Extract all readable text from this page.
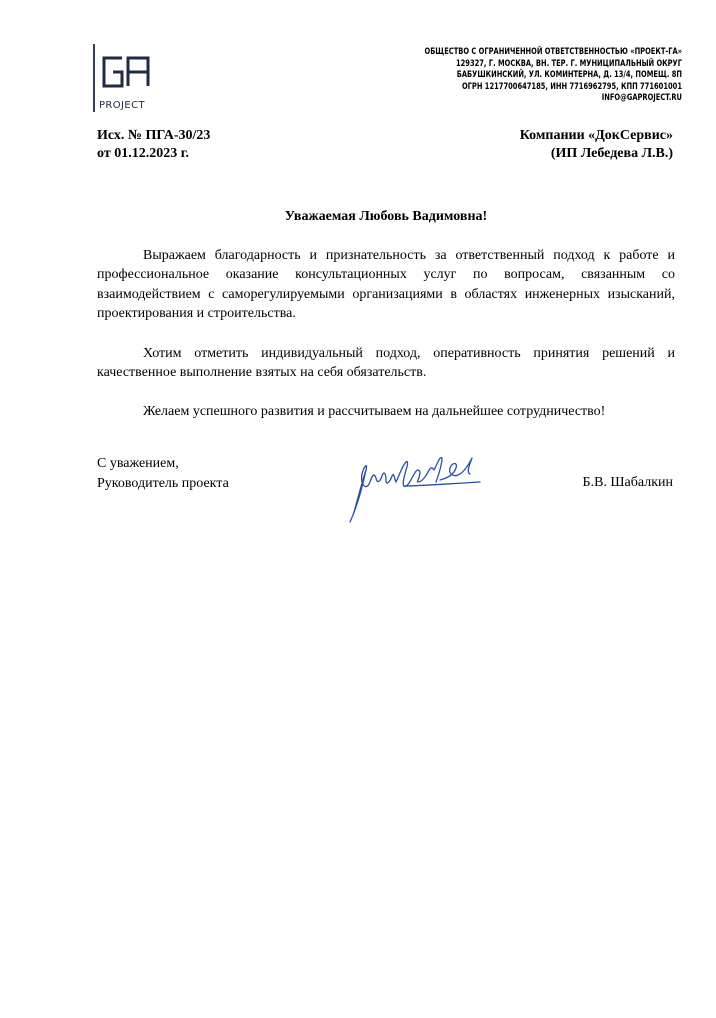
PROJECT
ОБЩЕСТВО С ОГРАНИЧЕННОЙ ОТВЕТСТВЕННОСТЬЮ «ПРОЕКТ-ГА»
129327, Г. МОСКВА, ВН. ТЕР. Г. МУНИЦИПАЛЬНЫЙ ОКРУГ
БАБУШКИНСКИЙ, УЛ. КОМИНТЕРНА, Д. 13/4, ПОМЕЩ. 8П
ОГРН 1217700647185, ИНН 7716962795, КПП 771601001
INFO@GAPROJECT.RU
Исх. № ПГА-30/23
от 01.12.2023 г.
Компании «ДокСервис»
(ИП Лебедева Л.В.)
Уважаемая Любовь Вадимовна!

Выражаем благодарность и признательность за ответственный подход к работе и профессиональное оказание консультационных услуг по вопросам, связанным со взаимодействием с саморегулируемыми организациями в областях инженерных изысканий, проектирования и строительства.

Хотим отметить индивидуальный подход, оперативность принятия решений и качественное выполнение взятых на себя обязательств.

Желаем успешного развития и рассчитываем на дальнейшее сотрудничество!

С уважением,
Руководитель проекта	Б.В. Шабалкин
